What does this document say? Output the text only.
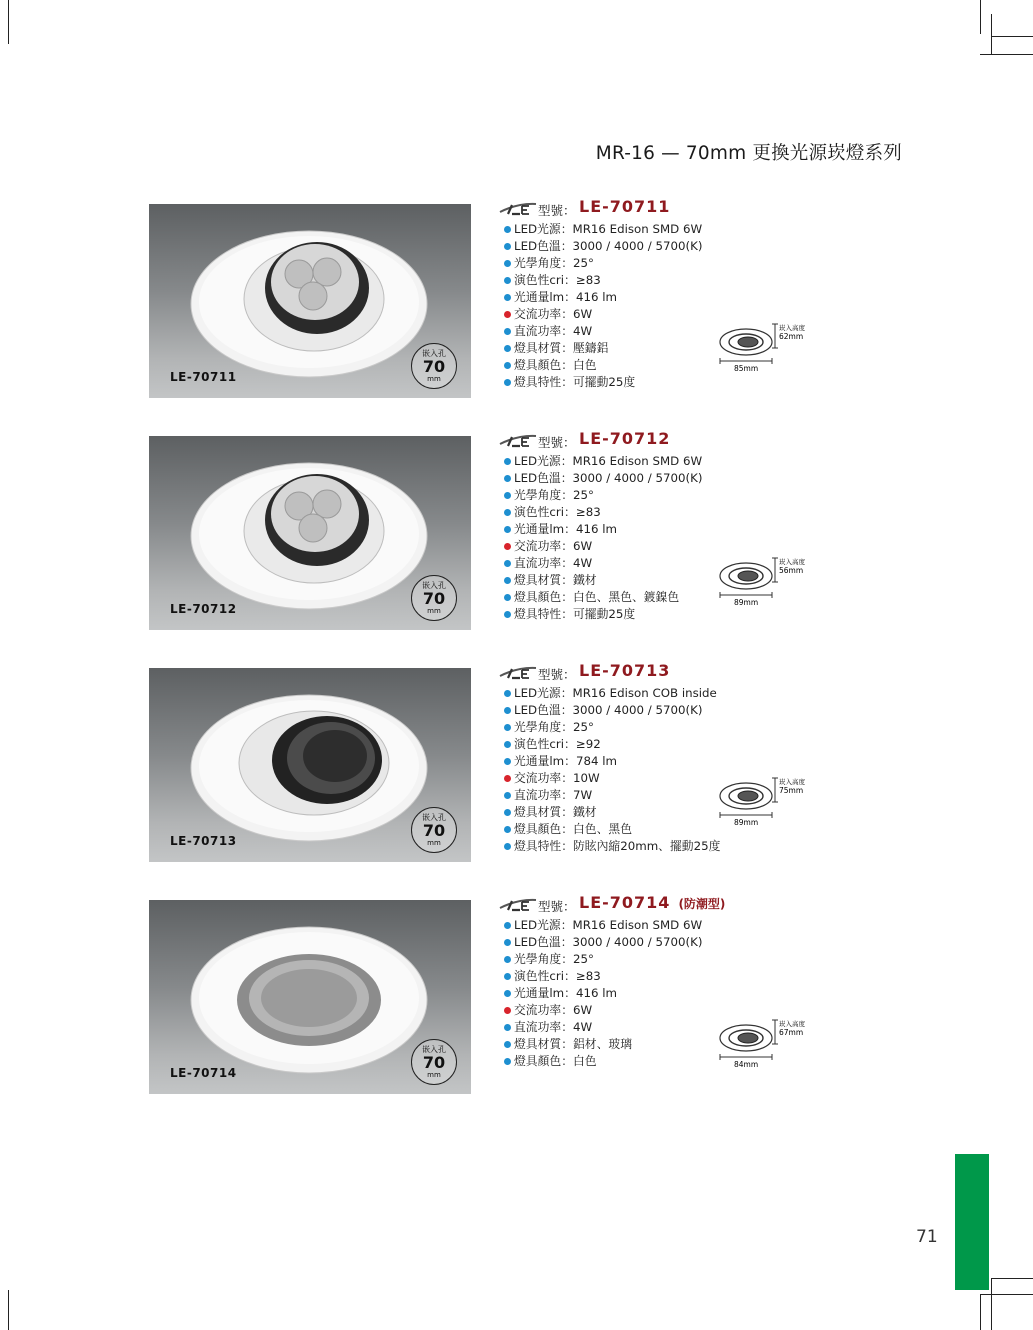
MR-16 — 70mm 更換光源崁燈系列
LE-70711
嵌入孔
70
mm
型號： LE-70711
LED光源：MR16 Edison SMD 6W
LED色溫：3000 / 4000 / 5700(K)
光學角度：25°
演色性cri：≥83
光通量lm：416 lm
交流功率：6W
直流功率：4W
燈具材質：壓鑄鋁
燈具顏色：白色
燈具特性：可擺動25度
崁入高度
62mm
85mm
LE-70712
嵌入孔
70
mm
型號： LE-70712
LED光源：MR16 Edison SMD 6W
LED色溫：3000 / 4000 / 5700(K)
光學角度：25°
演色性cri：≥83
光通量lm：416 lm
交流功率：6W
直流功率：4W
燈具材質：鐵材
燈具顏色：白色、黑色、鍍鎳色
燈具特性：可擺動25度
崁入高度
56mm
89mm
LE-70713
嵌入孔
70
mm
型號： LE-70713
LED光源：MR16 Edison COB inside
LED色溫：3000 / 4000 / 5700(K)
光學角度：25°
演色性cri：≥92
光通量lm：784 lm
交流功率：10W
直流功率：7W
燈具材質：鐵材
燈具顏色：白色、黑色
燈具特性：防眩內縮20mm、擺動25度
崁入高度
75mm
89mm
LE-70714
嵌入孔
70
mm
型號： LE-70714 (防潮型)
LED光源：MR16 Edison SMD 6W
LED色溫：3000 / 4000 / 5700(K)
光學角度：25°
演色性cri：≥83
光通量lm：416 lm
交流功率：6W
直流功率：4W
燈具材質：鋁材、玻璃
燈具顏色：白色
崁入高度
67mm
84mm
71
